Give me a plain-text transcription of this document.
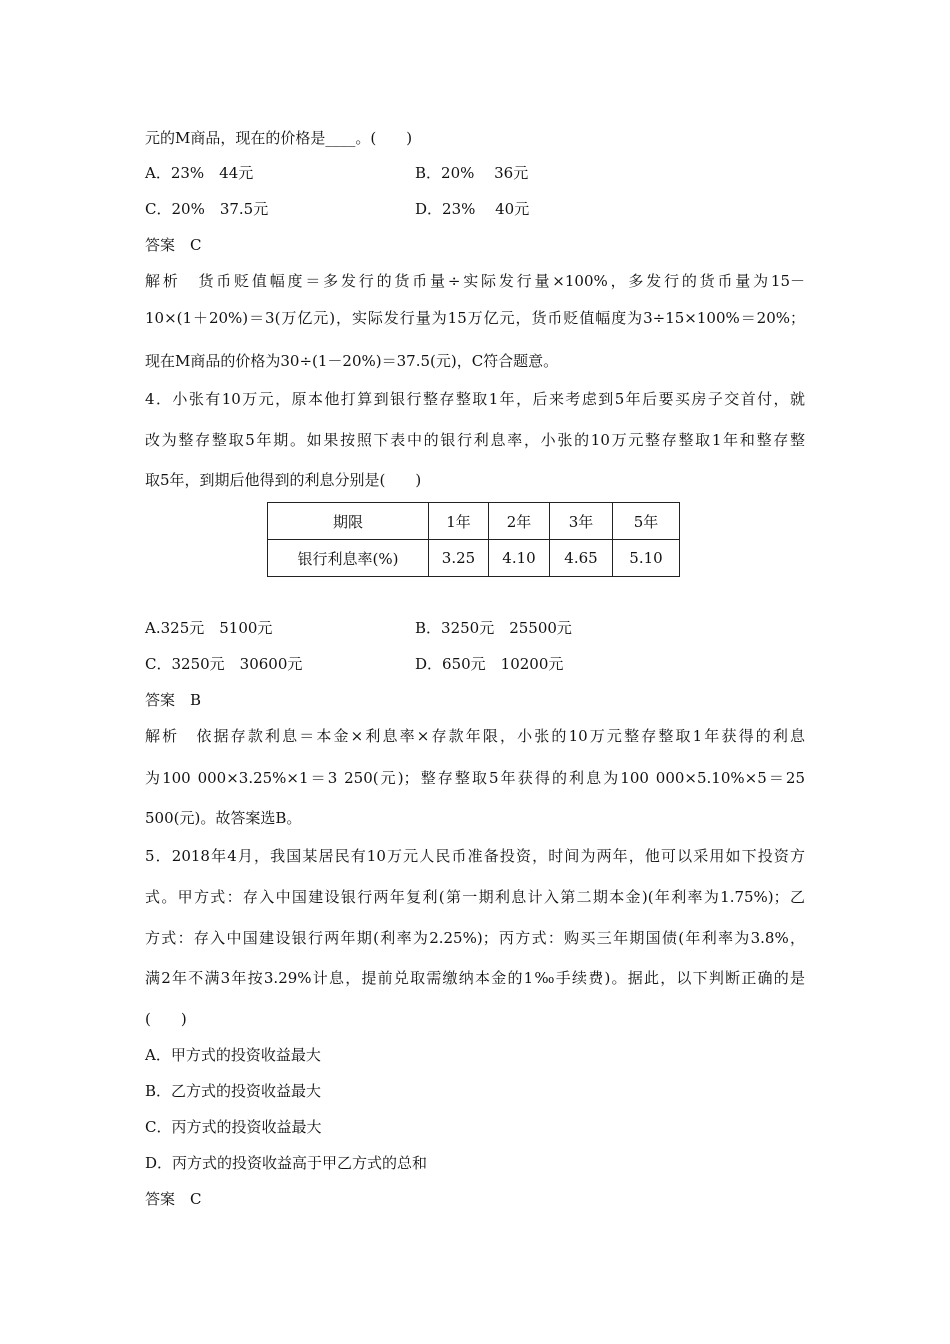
元的M商品，现在的价格是____。(　　)
A．23%　44元	B．20%　 36元
C．20%　37.5元	D．23%　 40元
答案　C
解析　货币贬值幅度＝多发行的货币量÷实际发行量×100%，多发行的货币量为15－
10×(1＋20%)＝3(万亿元)，实际发行量为15万亿元，货币贬值幅度为3÷15×100%＝20%；
现在M商品的价格为30÷(1－20%)＝37.5(元)，C符合题意。
4．小张有10万元，原本他打算到银行整存整取1年，后来考虑到5年后要买房子交首付，就
改为整存整取5年期。如果按照下表中的银行利息率，小张的10万元整存整取1年和整存整
取5年，到期后他得到的利息分别是(　　)
期限	1年	2年	3年	5年
银行利息率(%)	3.25	4.10	4.65	5.10
A.325元　5100元	B．3250元　25500元
C．3250元　30600元	D．650元　10200元
答案　B
解析　依据存款利息＝本金×利息率×存款年限，小张的10万元整存整取1年获得的利息
为100 000×3.25%×1＝3 250(元)；整存整取5年获得的利息为100 000×5.10%×5＝25
500(元)。故答案选B。
5．2018年4月，我国某居民有10万元人民币准备投资，时间为两年，他可以采用如下投资方
式。甲方式：存入中国建设银行两年复利(第一期利息计入第二期本金)(年利率为1.75%)；乙
方式：存入中国建设银行两年期(利率为2.25%)；丙方式：购买三年期国债(年利率为3.8%，
满2年不满3年按3.29%计息，提前兑取需缴纳本金的1‰手续费)。据此，以下判断正确的是
(　　)
A．甲方式的投资收益最大
B．乙方式的投资收益最大
C．丙方式的投资收益最大
D．丙方式的投资收益高于甲乙方式的总和
答案　C
